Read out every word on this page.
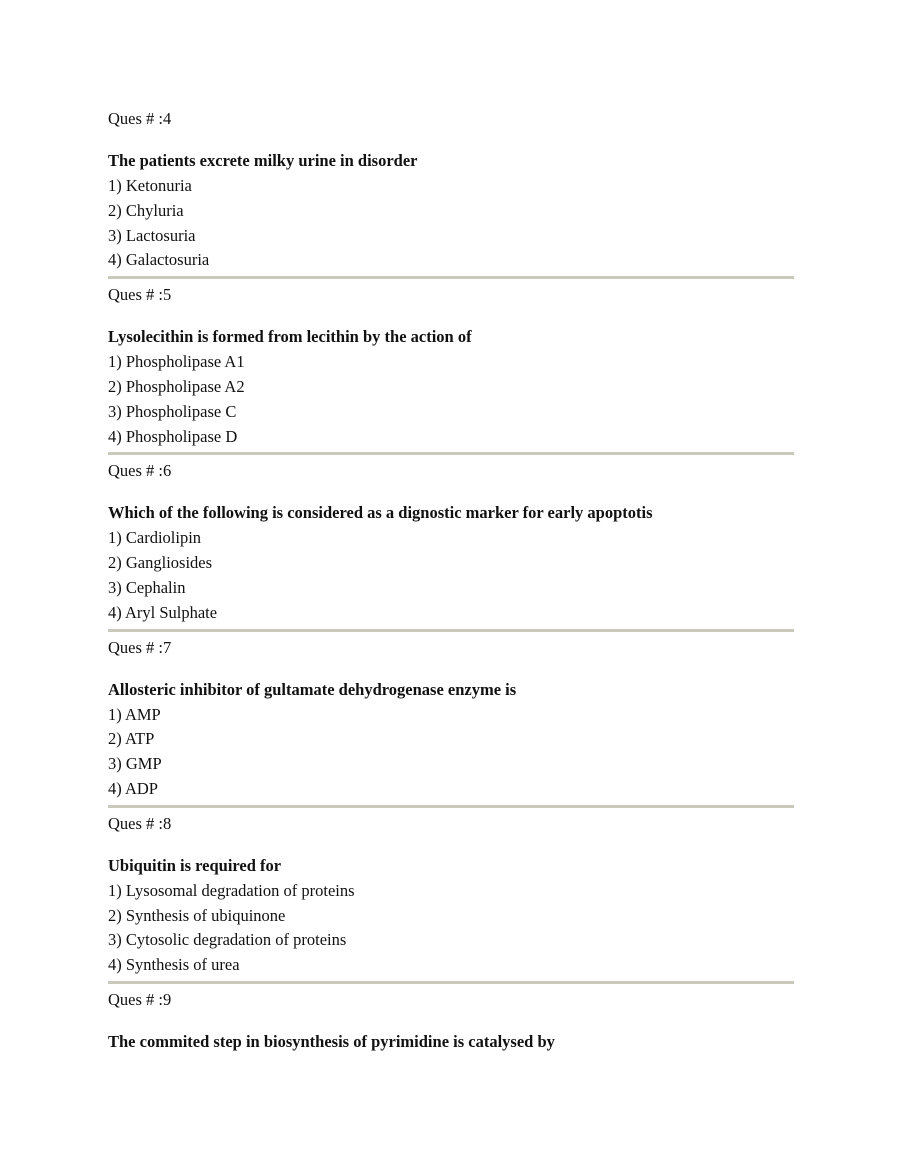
Ques # :4
The patients excrete milky urine in disorder
1) Ketonuria
2) Chyluria
3) Lactosuria
4) Galactosuria
Ques # :5
Lysolecithin is formed from lecithin by the action of
1) Phospholipase A1
2) Phospholipase A2
3) Phospholipase C
4) Phospholipase D
Ques # :6
Which of the following is considered as a dignostic marker for early apoptotis
1) Cardiolipin
2) Gangliosides
3) Cephalin
4) Aryl Sulphate
Ques # :7
Allosteric inhibitor of gultamate dehydrogenase enzyme is
1) AMP
2) ATP
3) GMP
4) ADP
Ques # :8
Ubiquitin is required for
1) Lysosomal degradation of proteins
2) Synthesis of ubiquinone
3) Cytosolic degradation of proteins
4) Synthesis of urea
Ques # :9
The commited step in biosynthesis of pyrimidine is catalysed by
